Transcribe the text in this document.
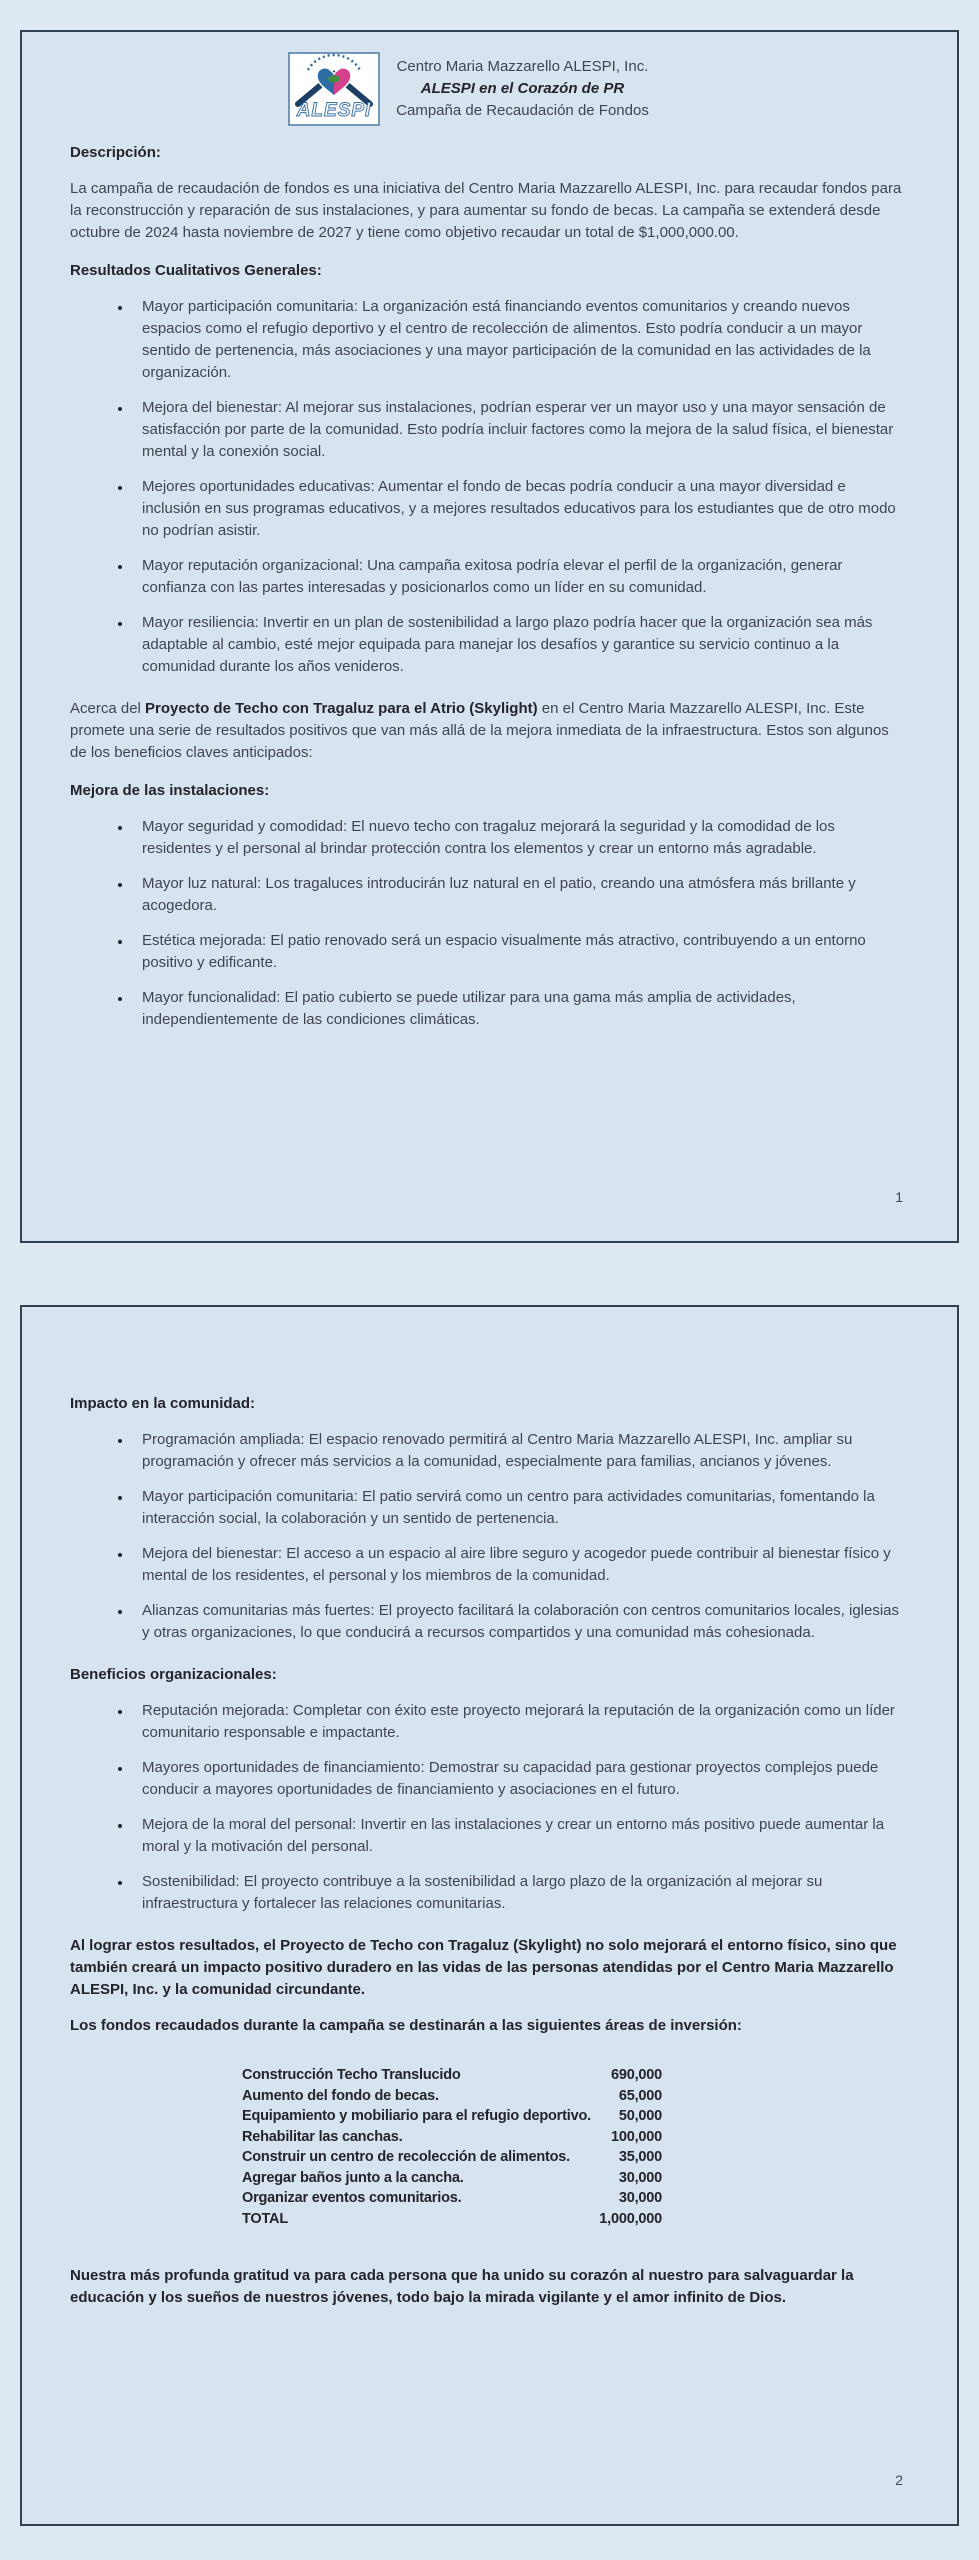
ALESPI
Centro Maria Mazzarello ALESPI, Inc.
ALESPI en el Corazón de PR
Campaña de Recaudación de Fondos

Descripción:

La campaña de recaudación de fondos es una iniciativa del Centro Maria Mazzarello ALESPI, Inc. para recaudar fondos para la reconstrucción y reparación de sus instalaciones, y para aumentar su fondo de becas. La campaña se extenderá desde octubre de 2024 hasta noviembre de 2027 y tiene como objetivo recaudar un total de $1,000,000.00.

Resultados Cualitativos Generales:

• Mayor participación comunitaria: La organización está financiando eventos comunitarios y creando nuevos espacios como el refugio deportivo y el centro de recolección de alimentos. Esto podría conducir a un mayor sentido de pertenencia, más asociaciones y una mayor participación de la comunidad en las actividades de la organización.
• Mejora del bienestar: Al mejorar sus instalaciones, podrían esperar ver un mayor uso y una mayor sensación de satisfacción por parte de la comunidad. Esto podría incluir factores como la mejora de la salud física, el bienestar mental y la conexión social.
• Mejores oportunidades educativas: Aumentar el fondo de becas podría conducir a una mayor diversidad e inclusión en sus programas educativos, y a mejores resultados educativos para los estudiantes que de otro modo no podrían asistir.
• Mayor reputación organizacional: Una campaña exitosa podría elevar el perfil de la organización, generar confianza con las partes interesadas y posicionarlos como un líder en su comunidad.
• Mayor resiliencia: Invertir en un plan de sostenibilidad a largo plazo podría hacer que la organización sea más adaptable al cambio, esté mejor equipada para manejar los desafíos y garantice su servicio continuo a la comunidad durante los años venideros.

Acerca del Proyecto de Techo con Tragaluz para el Atrio (Skylight) en el Centro Maria Mazzarello ALESPI, Inc. Este promete una serie de resultados positivos que van más allá de la mejora inmediata de la infraestructura. Estos son algunos de los beneficios claves anticipados:

Mejora de las instalaciones:

• Mayor seguridad y comodidad: El nuevo techo con tragaluz mejorará la seguridad y la comodidad de los residentes y el personal al brindar protección contra los elementos y crear un entorno más agradable.
• Mayor luz natural: Los tragaluces introducirán luz natural en el patio, creando una atmósfera más brillante y acogedora.
• Estética mejorada: El patio renovado será un espacio visualmente más atractivo, contribuyendo a un entorno positivo y edificante.
• Mayor funcionalidad: El patio cubierto se puede utilizar para una gama más amplia de actividades, independientemente de las condiciones climáticas.
1

Impacto en la comunidad:

• Programación ampliada: El espacio renovado permitirá al Centro Maria Mazzarello ALESPI, Inc. ampliar su programación y ofrecer más servicios a la comunidad, especialmente para familias, ancianos y jóvenes.
• Mayor participación comunitaria: El patio servirá como un centro para actividades comunitarias, fomentando la interacción social, la colaboración y un sentido de pertenencia.
• Mejora del bienestar: El acceso a un espacio al aire libre seguro y acogedor puede contribuir al bienestar físico y mental de los residentes, el personal y los miembros de la comunidad.
• Alianzas comunitarias más fuertes: El proyecto facilitará la colaboración con centros comunitarios locales, iglesias y otras organizaciones, lo que conducirá a recursos compartidos y una comunidad más cohesionada.

Beneficios organizacionales:

• Reputación mejorada: Completar con éxito este proyecto mejorará la reputación de la organización como un líder comunitario responsable e impactante.
• Mayores oportunidades de financiamiento: Demostrar su capacidad para gestionar proyectos complejos puede conducir a mayores oportunidades de financiamiento y asociaciones en el futuro.
• Mejora de la moral del personal: Invertir en las instalaciones y crear un entorno más positivo puede aumentar la moral y la motivación del personal.
• Sostenibilidad: El proyecto contribuye a la sostenibilidad a largo plazo de la organización al mejorar su infraestructura y fortalecer las relaciones comunitarias.

Al lograr estos resultados, el Proyecto de Techo con Tragaluz (Skylight) no solo mejorará el entorno físico, sino que también creará un impacto positivo duradero en las vidas de las personas atendidas por el Centro Maria Mazzarello ALESPI, Inc. y la comunidad circundante.

Los fondos recaudados durante la campaña se destinarán a las siguientes áreas de inversión:

Construcción Techo Translucido	690,000
Aumento del fondo de becas.	65,000
Equipamiento y mobiliario para el refugio deportivo.	50,000
Rehabilitar las canchas.	100,000
Construir un centro de recolección de alimentos.	35,000
Agregar baños junto a la cancha.	30,000
Organizar eventos comunitarios.	30,000
TOTAL	1,000,000

Nuestra más profunda gratitud va para cada persona que ha unido su corazón al nuestro para salvaguardar la educación y los sueños de nuestros jóvenes, todo bajo la mirada vigilante y el amor infinito de Dios.

2
